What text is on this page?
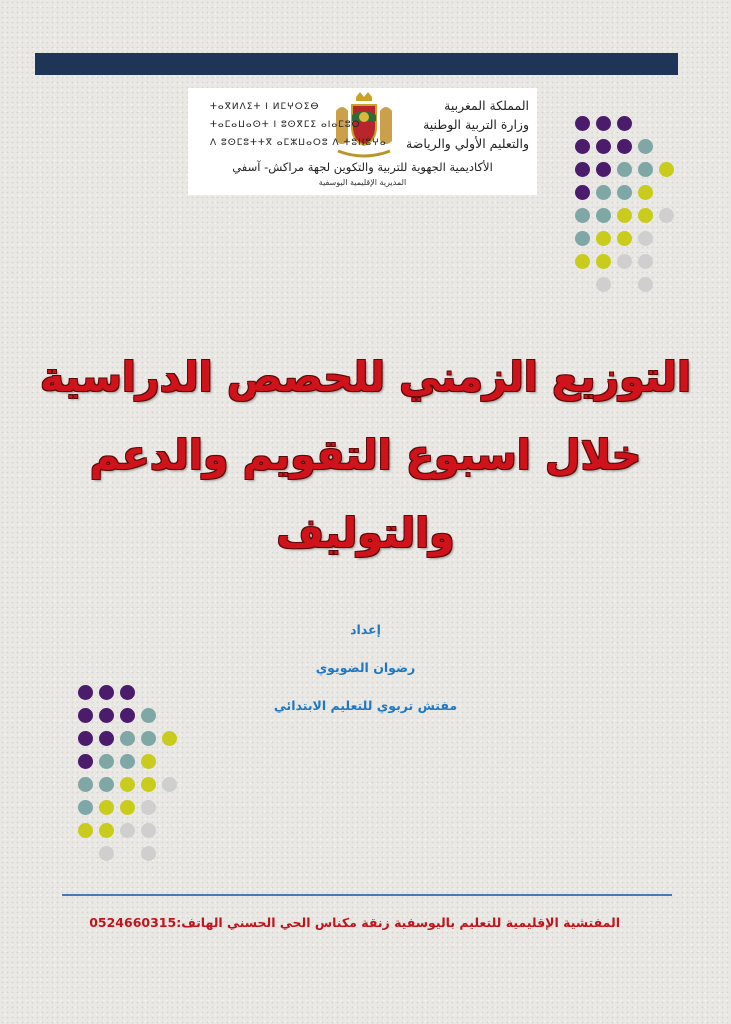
المملكة المغربية
وزارة التربية الوطنية
والتعليم الأولي والرياضة
ⵜⴰⴳⵍⴷⵉⵜ ⵏ ⵍⵎⵖⵔⵉⴱ
ⵜⴰⵎⴰⵡⴰⵙⵜ ⵏ ⵓⵙⴳⵎⵉ ⴰⵏⴰⵎⵓⵔ
ⴷ ⵓⵙⵎⵓⵜⵜⴳ ⴰⵎⵣⵡⴰⵔⵓ ⴷ ⵜⵓⵏⵏⵓⵖⴰ
الأكاديمية الجهوية للتربية والتكوين لجهة مراكش- آسفي
المديرية الإقليمية اليوسفية
التوزيع الزمني للحصص الدراسية
خلال اسبوع التقويم والدعم
والتوليف
إعداد
رضوان الضويوي
مفتش تربوي للتعليم الابتدائي
المفتشية الإقليمية للتعليم باليوسفية زنقة مكناس الحي الحسني الهاتف:0524660315
